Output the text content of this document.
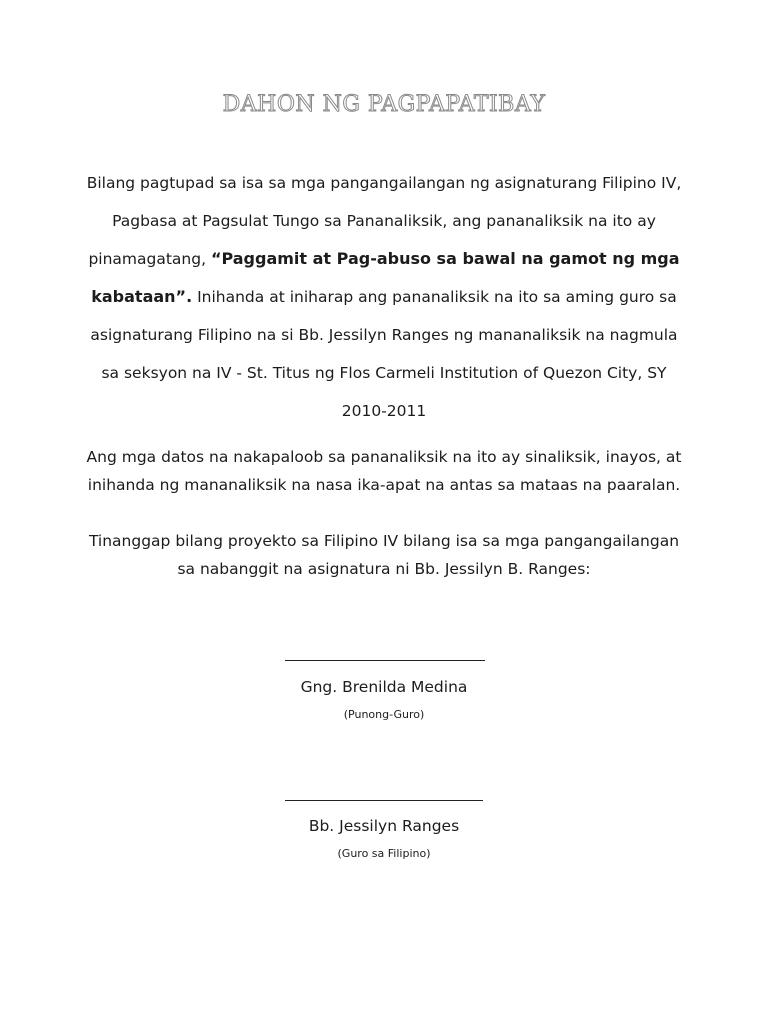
DAHON NG PAGPAPATIBAY
Bilang pagtupad sa isa sa mga pangangailangan ng asignaturang Filipino IV, Pagbasa at Pagsulat Tungo sa Pananaliksik, ang pananaliksik na ito ay pinamagatang, “Paggamit at Pag-abuso sa bawal na gamot ng mga kabataan”. Inihanda at iniharap ang pananaliksik na ito sa aming guro sa asignaturang Filipino na si Bb. Jessilyn Ranges ng mananaliksik na nagmula sa seksyon na IV - St. Titus ng Flos Carmeli Institution of Quezon City, SY 2010-2011
Ang mga datos na nakapaloob sa pananaliksik na ito ay sinaliksik, inayos, at inihanda ng mananaliksik na nasa ika-apat na antas sa mataas na paaralan.
Tinanggap bilang proyekto sa Filipino IV bilang isa sa mga pangangailangan sa nabanggit na asignatura ni Bb. Jessilyn B. Ranges:
Gng. Brenilda Medina
(Punong-Guro)
Bb. Jessilyn Ranges
(Guro sa Filipino)
